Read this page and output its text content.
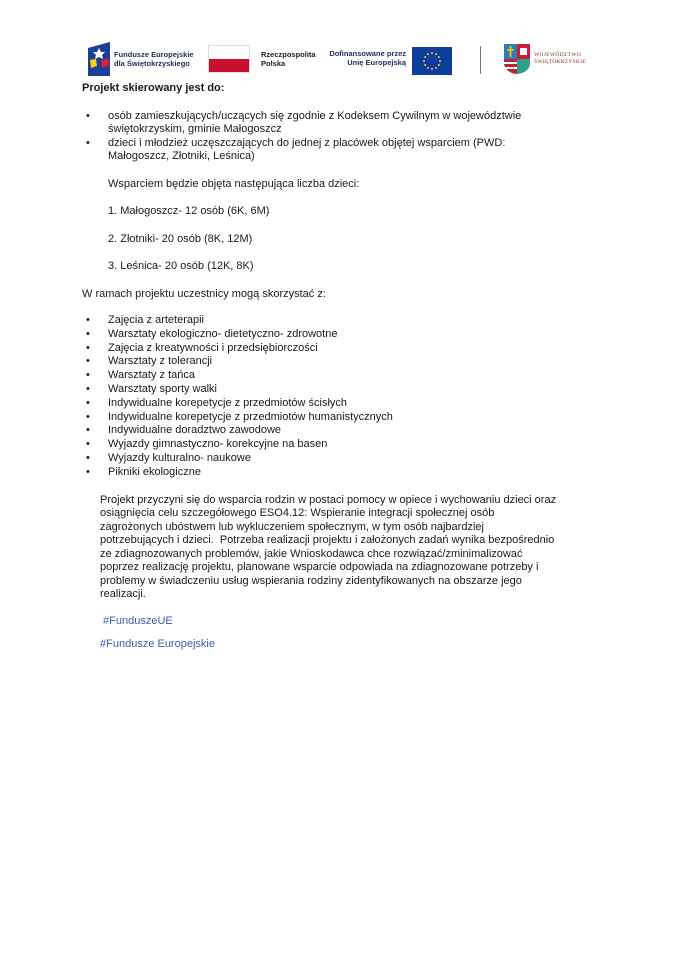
Fundusze Europejskie
dla Świętokrzyskiego
Rzeczpospolita
Polska
Dofinansowane przez
Unię Europejską
WOJEWÓDZTWO
ŚWIĘTOKRZYSKIE

Projekt skierowany jest do:

• osób zamieszkujących/uczących się zgodnie z Kodeksem Cywilnym w województwie
świętokrzyskim, gminie Małogoszcz
• dzieci i młodzież uczęszczających do jednej z placówek objętej wsparciem (PWD:
Małogoszcz, Złotniki, Leśnica)
Wsparciem będzie objęta następująca liczba dzieci:
1. Małogoszcz- 12 osób (6K, 6M)
2. Złotniki- 20 osób (8K, 12M)
3. Leśnica- 20 osób (12K, 8K)
W ramach projektu uczestnicy mogą skorzystać z:
• Zajęcia z arteterapii
• Warsztaty ekologiczno- dietetyczno- zdrowotne
• Zajęcia z kreatywności i przedsiębiorczości
• Warsztaty z tolerancji
• Warsztaty z tańca
• Warsztaty sporty walki
• Indywidualne korepetycje z przedmiotów ścisłych
• Indywidualne korepetycje z przedmiotów humanistycznych
• Indywidualne doradztwo zawodowe
• Wyjazdy gimnastyczno- korekcyjne na basen
• Wyjazdy kulturalno- naukowe
• Pikniki ekologiczne
Projekt przyczyni się do wsparcia rodzin w postaci pomocy w opiece i wychowaniu dzieci oraz
osiągnięcia celu szczegółowego ESO4.12: Wspieranie integracji społecznej osób
zagrożonych ubóstwem lub wykluczeniem społecznym, w tym osób najbardziej
potrzebujących i dzieci.  Potrzeba realizacji projektu i założonych zadań wynika bezpośrednio
ze zdiagnozowanych problemów, jakie Wnioskodawca chce rozwiązać/zminimalizować
poprzez realizację projektu, planowane wsparcie odpowiada na zdiagnozowane potrzeby i
problemy w świadczeniu usług wspierania rodziny zidentyfikowanych na obszarze jego
realizacji.
#FunduszeUE
#Fundusze Europejskie
